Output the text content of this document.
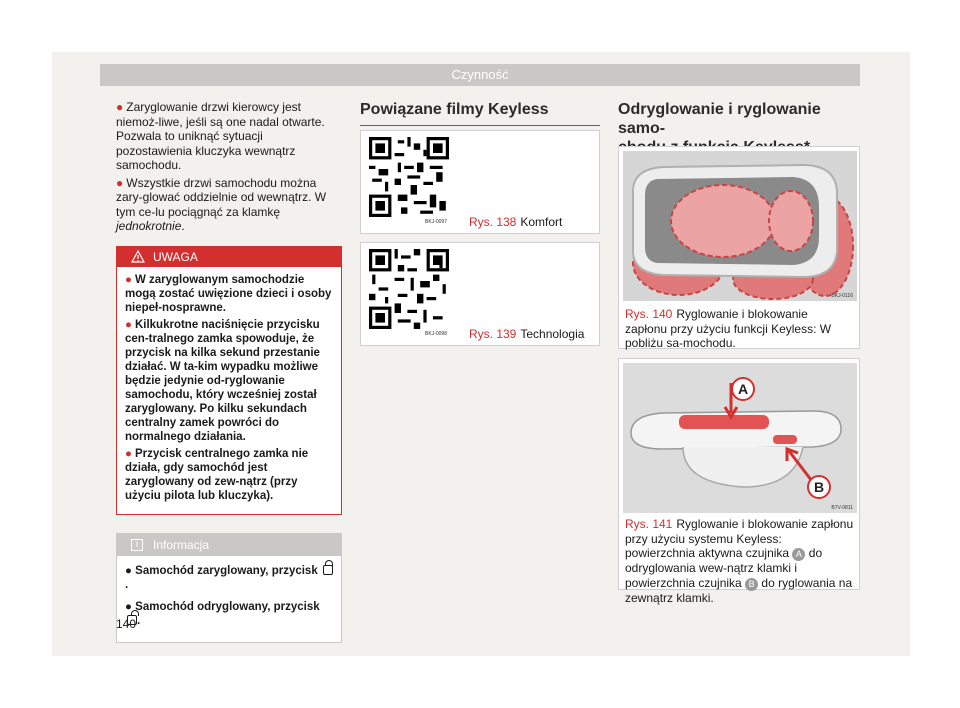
Czynność

● Zaryglowanie drzwi kierowcy jest niemoż-liwe, jeśli są one nadal otwarte. Pozwala to uniknąć sytuacji pozostawienia kluczyka wewnątrz samochodu.

● Wszystkie drzwi samochodu można zary-glować oddzielnie od wewnątrz. W tym ce-lu pociągnąć za klamkę jednokrotnie.

UWAGA

● W zaryglowanym samochodzie mogą zostać uwięzione dzieci i osoby niepeł-nosprawne.

● Kilkukrotne naciśnięcie przycisku cen-tralnego zamka spowoduje, że przycisk na kilka sekund przestanie działać. W ta-kim wypadku możliwe będzie jedynie od-ryglowanie samochodu, który wcześniej został zaryglowany. Po kilku sekundach centralny zamek powróci do normalnego działania.

● Przycisk centralnego zamka nie działa, gdy samochód jest zaryglowany od zew-nątrz (przy użyciu pilota lub kluczyka).

i	Informacja

● Samochód zaryglowany, przycisk .

● Samochód odryglowany, przycisk .

Powiązane filmy Keyless
BKJ-0097 Rys. 138 Komfort
BKJ-0098 Rys. 139 Technologia
Odryglowanie i ryglowanie samo-

BKJ-0116
Rys. 140 Ryglowanie i blokowanie zapłonu przy użyciu funkcji Keyless: W pobliżu sa-mochodu.
A
B
B7V-0811
Rys. 141 Ryglowanie i blokowanie zapłonu przy użyciu systemu Keyless: powierzchnia aktywna czujnika A do odryglowania wew-nątrz klamki i powierzchnia czujnika B do ryglowania na zewnątrz klamki.
140
